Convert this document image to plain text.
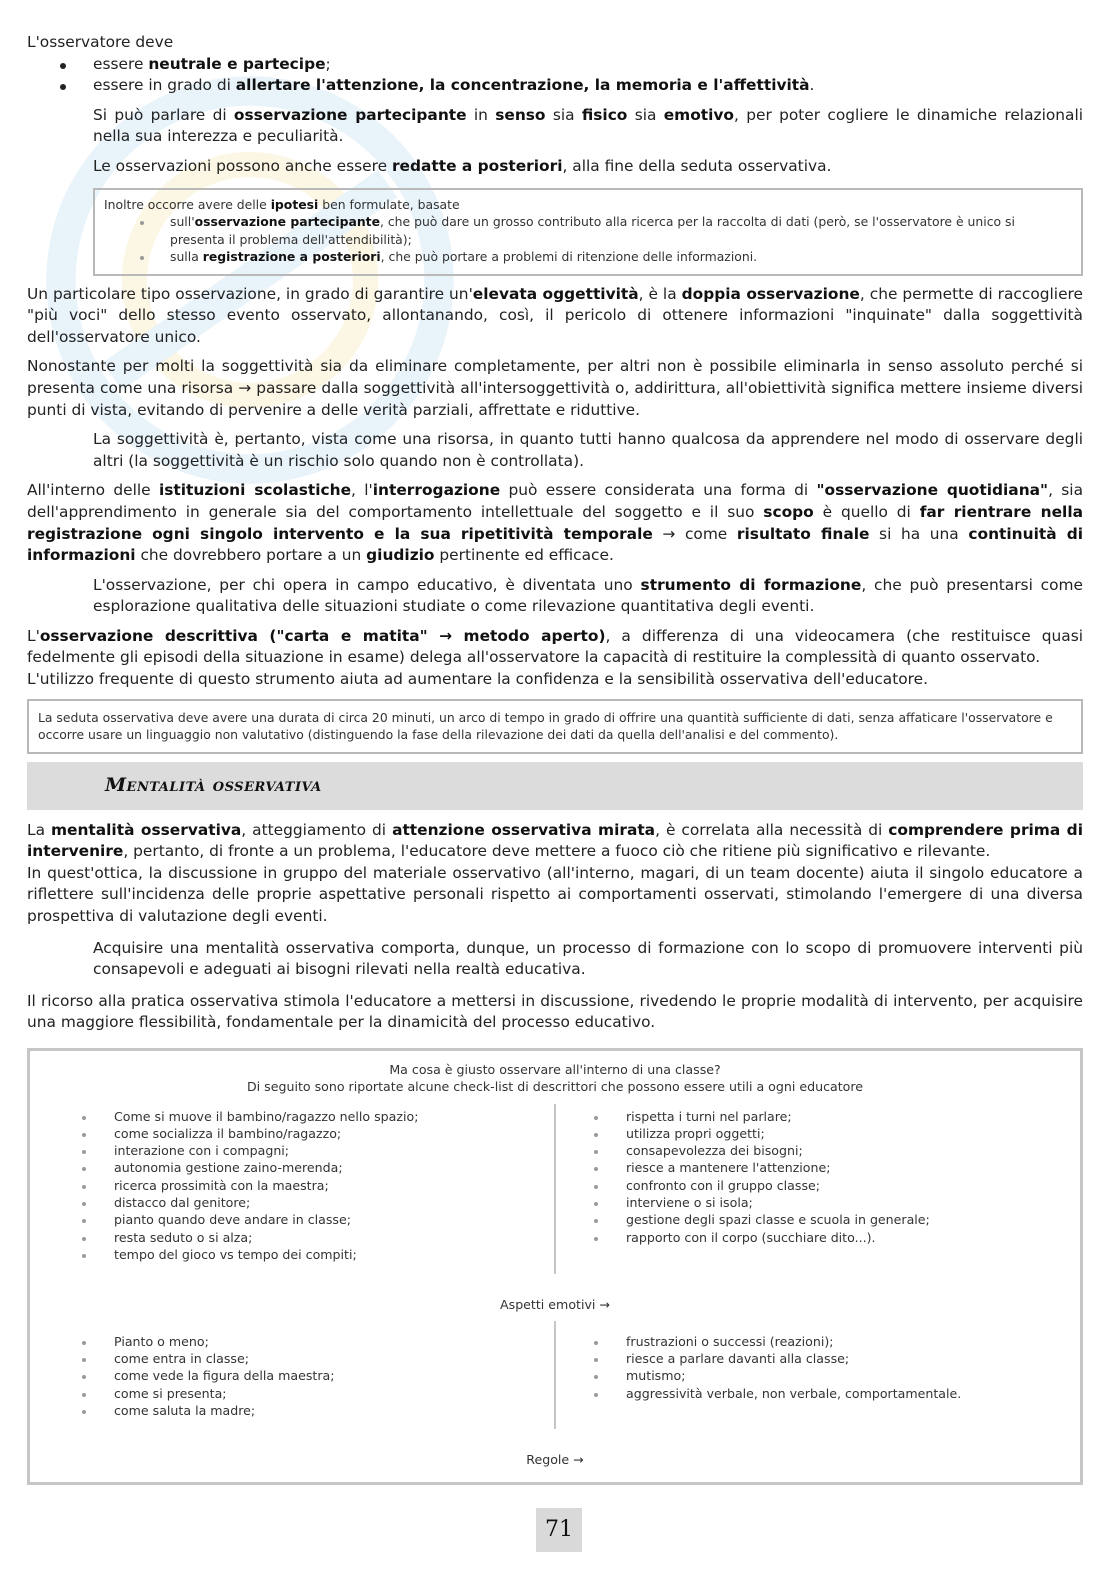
L'osservatore deve

essere neutrale e partecipe;
essere in grado di allertare l'attenzione, la concentrazione, la memoria e l'affettività.

Si può parlare di osservazione partecipante in senso sia fisico sia emotivo, per poter cogliere le dinamiche relazionali nella sua interezza e peculiarità.

Le osservazioni possono anche essere redatte a posteriori, alla fine della seduta osservativa.

Inoltre occorre avere delle ipotesi ben formulate, basate
sull'osservazione partecipante, che può dare un grosso contributo alla ricerca per la raccolta di dati (però, se l'osservatore è unico si presenta il problema dell'attendibilità);
sulla registrazione a posteriori, che può portare a problemi di ritenzione delle informazioni.

Un particolare tipo osservazione, in grado di garantire un'elevata oggettività, è la doppia osservazione, che permette di raccogliere "più voci" dello stesso evento osservato, allontanando, così, il pericolo di ottenere informazioni "inquinate" dalla soggettività dell'osservatore unico.

Nonostante per molti la soggettività sia da eliminare completamente, per altri non è possibile eliminarla in senso assoluto perché si presenta come una risorsa → passare dalla soggettività all'intersoggettività o, addirittura, all'obiettività significa mettere insieme diversi punti di vista, evitando di pervenire a delle verità parziali, affrettate e riduttive.

La soggettività è, pertanto, vista come una risorsa, in quanto tutti hanno qualcosa da apprendere nel modo di osservare degli altri (la soggettività è un rischio solo quando non è controllata).

All'interno delle istituzioni scolastiche, l'interrogazione può essere considerata una forma di "osservazione quotidiana", sia dell'apprendimento in generale sia del comportamento intellettuale del soggetto e il suo scopo è quello di far rientrare nella registrazione ogni singolo intervento e la sua ripetitività temporale → come risultato finale si ha una continuità di informazioni che dovrebbero portare a un giudizio pertinente ed efficace.

L'osservazione, per chi opera in campo educativo, è diventata uno strumento di formazione, che può presentarsi come esplorazione qualitativa delle situazioni studiate o come rilevazione quantitativa degli eventi.

L'osservazione descrittiva ("carta e matita" → metodo aperto), a differenza di una videocamera (che restituisce quasi fedelmente gli episodi della situazione in esame) delega all'osservatore la capacità di restituire la complessità di quanto osservato.

L'utilizzo frequente di questo strumento aiuta ad aumentare la confidenza e la sensibilità osservativa dell'educatore.

La seduta osservativa deve avere una durata di circa 20 minuti, un arco di tempo in grado di offrire una quantità sufficiente di dati, senza affaticare l'osservatore e occorre usare un linguaggio non valutativo (distinguendo la fase della rilevazione dei dati da quella dell'analisi e del commento).
Mentalità osservativa

La mentalità osservativa, atteggiamento di attenzione osservativa mirata, è correlata alla necessità di comprendere prima di intervenire, pertanto, di fronte a un problema, l'educatore deve mettere a fuoco ciò che ritiene più significativo e rilevante.

In quest'ottica, la discussione in gruppo del materiale osservativo (all'interno, magari, di un team docente) aiuta il singolo educatore a riflettere sull'incidenza delle proprie aspettative personali rispetto ai comportamenti osservati, stimolando l'emergere di una diversa prospettiva di valutazione degli eventi.

Acquisire una mentalità osservativa comporta, dunque, un processo di formazione con lo scopo di promuovere interventi più consapevoli e adeguati ai bisogni rilevati nella realtà educativa.

Il ricorso alla pratica osservativa stimola l'educatore a mettersi in discussione, rivedendo le proprie modalità di intervento, per acquisire una maggiore flessibilità, fondamentale per la dinamicità del processo educativo.

Ma cosa è giusto osservare all'interno di una classe?
Di seguito sono riportate alcune check-list di descrittori che possono essere utili a ogni educatore
Come si muove il bambino/ragazzo nello spazio;
come socializza il bambino/ragazzo;
interazione con i compagni;
autonomia gestione zaino-merenda;
ricerca prossimità con la maestra;
distacco dal genitore;
pianto quando deve andare in classe;
resta seduto o si alza;
tempo del gioco vs tempo dei compiti;
rispetta i turni nel parlare;
utilizza propri oggetti;
consapevolezza dei bisogni;
riesce a mantenere l'attenzione;
confronto con il gruppo classe;
interviene o si isola;
gestione degli spazi classe e scuola in generale;
rapporto con il corpo (succhiare dito...).
Aspetti emotivi →
Pianto o meno;
come entra in classe;
come vede la figura della maestra;
come si presenta;
come saluta la madre;
frustrazioni o successi (reazioni);
riesce a parlare davanti alla classe;
mutismo;
aggressività verbale, non verbale, comportamentale.
Regole →
71
